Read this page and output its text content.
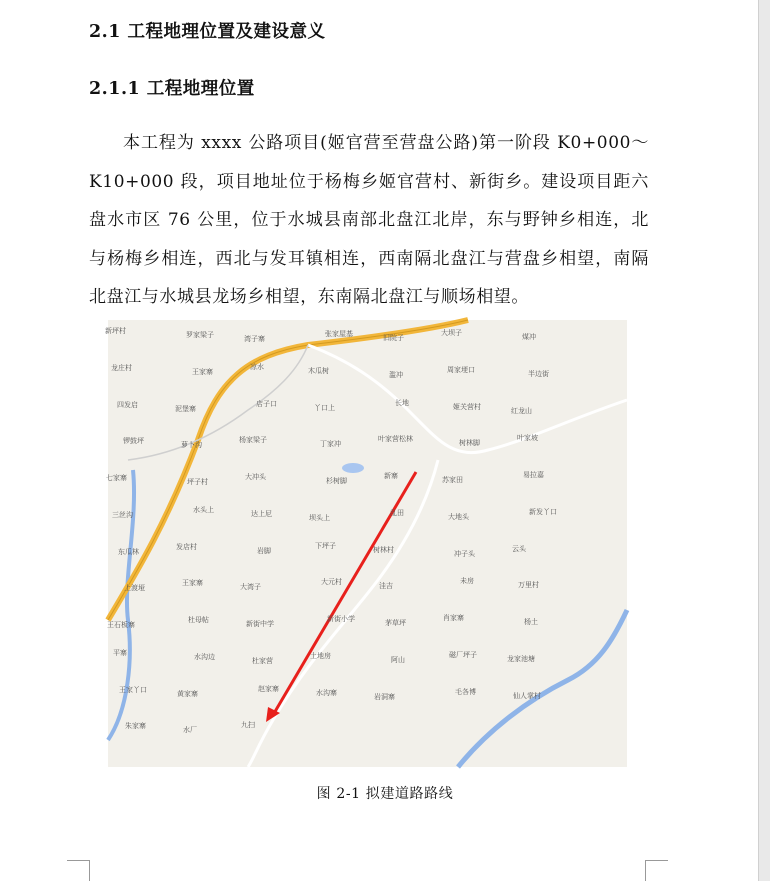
2.1 工程地理位置及建设意义
2.1.1 工程地理位置

本工程为 xxxx 公路项目(姬官营至营盘公路)第一阶段 K0+000～K10+000 段，项目地址位于杨梅乡姬官营村、新街乡。建设项目距六盘水市区 76 公里，位于水城县南部北盘江北岸，东与野钟乡相连，北与杨梅乡相连，西北与发耳镇相连，西南隔北盘江与营盘乡相望，南隔北盘江与水城县龙场乡相望，东南隔北盘江与顺场相望。

新坪村	罗家梁子	湾子寨
张家屋基	旧院子
大坝子	煤冲
龙庄村	王家寨
凉水	木瓜树	滥冲
周家埂口	半边街
四发启	泥堡寨
店子口	丫口上
长地	姬关营村	红龙山
锣鼓坪	萝卜沟
杨家梁子	丁家冲
叶家营松林	树林脚
叶家坡
七家寨	坪子村
大冲头	杉树脚
新寨	苏家田
易拉嘉
三丝沟
水头上	达上尼	坝头上
乱田	大地头
新发丫口
东瓜林
发店村	岩脚
下坪子	树林村	冲子头
云头
上渡垭
王家寨	大湾子
大元村	洼吉
未房	万里村
王石板寨
杜母帖	新街中学
新街小学	茅草坪
肖家寨	杨土
平寨	水沟边	杜家营
土地房	阿山
磁厂坪子	龙家池塘
王家丫口	黄家寨
赵家寨	水沟寨	岩洞寨
毛各博	仙人掌村
朱家寨	水厂
九扫
图 2-1 拟建道路路线
